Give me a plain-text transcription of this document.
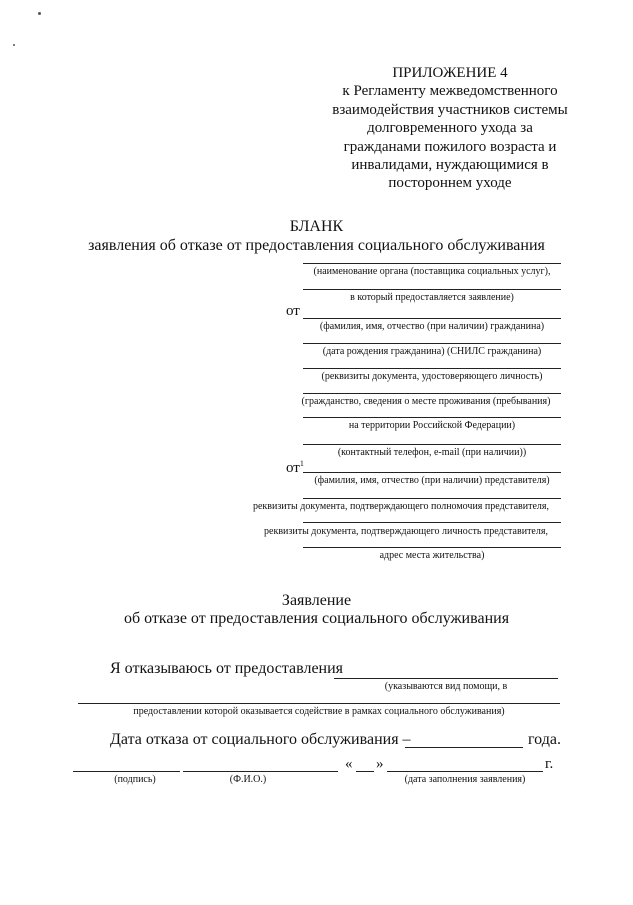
ПРИЛОЖЕНИЕ 4
к Регламенту межведомственного
взаимодействия участников системы
долговременного ухода за
гражданами пожилого возраста и
инвалидами, нуждающимися в
постороннем уходе
БЛАНК
заявления об отказе от предоставления социального обслуживания
(наименование органа (поставщика социальных услуг),
в который предоставляется заявление)
от
(фамилия, имя, отчество (при наличии) гражданина)
(дата рождения гражданина) (СНИЛС гражданина)
(реквизиты документа, удостоверяющего личность)
(гражданство, сведения о месте проживания (пребывания)
на территории Российской Федерации)
(контактный телефон, e-mail (при наличии))
$от^1$
(фамилия, имя, отчество (при наличии) представителя)
реквизиты документа, подтверждающего полномочия представителя,
реквизиты документа, подтверждающего личность представителя,
адрес места жительства)
Заявление
об отказе от предоставления социального обслуживания
Я отказываюсь от предоставления
(указываются вид помощи, в
предоставлении которой оказывается содействие в рамках социального обслуживания)
Дата отказа от социального обслуживания –	года.
« »	г.
(подпись)	(Ф.И.О.)	(дата заполнения заявления)
